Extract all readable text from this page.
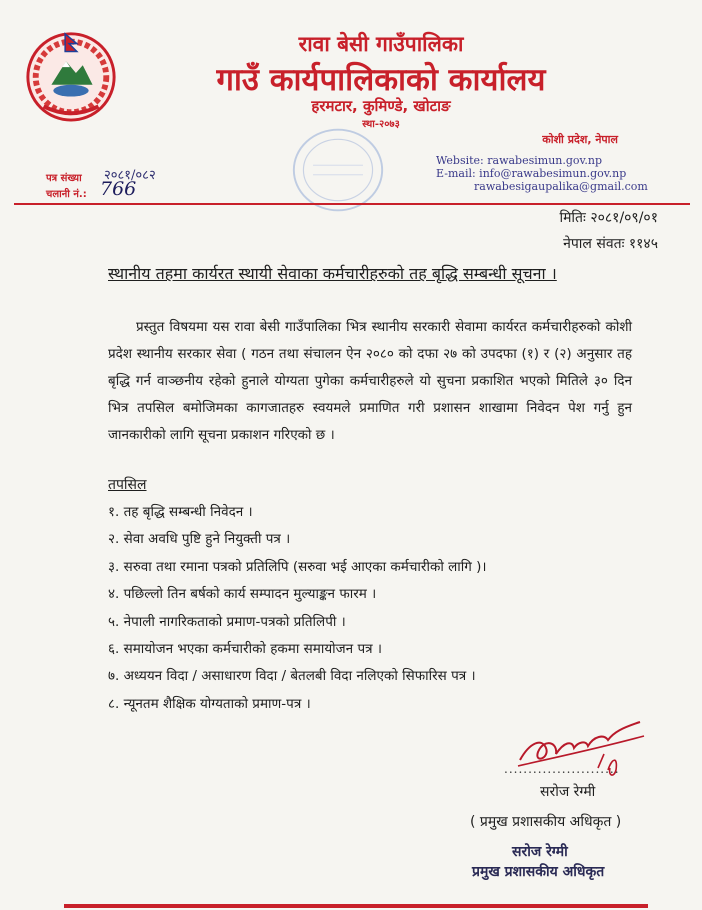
रावा बेसी गाउँपालिका
गाउँ कार्यपालिकाको कार्यालय
हरमटार, कुमिण्डे, खोटाङ
स्था-२०७३
कोशी प्रदेश, नेपाल
Website: rawabesimun.gov.np
E-mail: info@rawabesimun.gov.np
rawabesigaupalika@gmail.com
पत्र संख्या २०८१/०८२
चलानी नं.: 766
मितिः २०८१/०९/०१
नेपाल संवतः ११४५
स्थानीय तहमा कार्यरत स्थायी सेवाका कर्मचारीहरुको तह बृद्धि सम्बन्धी सूचना ।
प्रस्तुत विषयमा यस रावा बेसी गाउँपालिका भित्र स्थानीय सरकारी सेवामा कार्यरत कर्मचारीहरुको कोशी प्रदेश स्थानीय सरकार सेवा ( गठन तथा संचालन ऐन २०८० को दफा २७ को उपदफा (१) र (२) अनुसार तह बृद्धि गर्न वाञ्छनीय रहेको हुनाले योग्यता पुगेका कर्मचारीहरुले यो सुचना प्रकाशित भएको मितिले ३० दिन भित्र तपसिल बमोजिमका कागजातहरु स्वयमले प्रमाणित गरी प्रशासन शाखामा निवेदन पेश गर्नु हुन जानकारीको लागि सूचना प्रकाशन गरिएको छ ।
तपसिल
१. तह बृद्धि सम्बन्धी निवेदन ।
२. सेवा अवधि पुष्टि हुने नियुक्ती पत्र ।
३. सरुवा तथा रमाना पत्रको प्रतिलिपि (सरुवा भई आएका कर्मचारीको लागि )।
४. पछिल्लो तिन बर्षको कार्य सम्पादन मुल्याङ्कन फारम ।
५. नेपाली नागरिकताको प्रमाण-पत्रको प्रतिलिपी ।
६. समायोजन भएका कर्मचारीको हकमा समायोजन पत्र ।
७. अध्ययन विदा / असाधारण विदा / बेतलबी विदा नलिएको सिफारिस पत्र ।
८. न्यूनतम शैक्षिक योग्यताको प्रमाण-पत्र ।
........................
सरोज रेग्मी
( प्रमुख प्रशासकीय अधिकृत )
सरोज रेग्मी
प्रमुख प्रशासकीय अधिकृत
